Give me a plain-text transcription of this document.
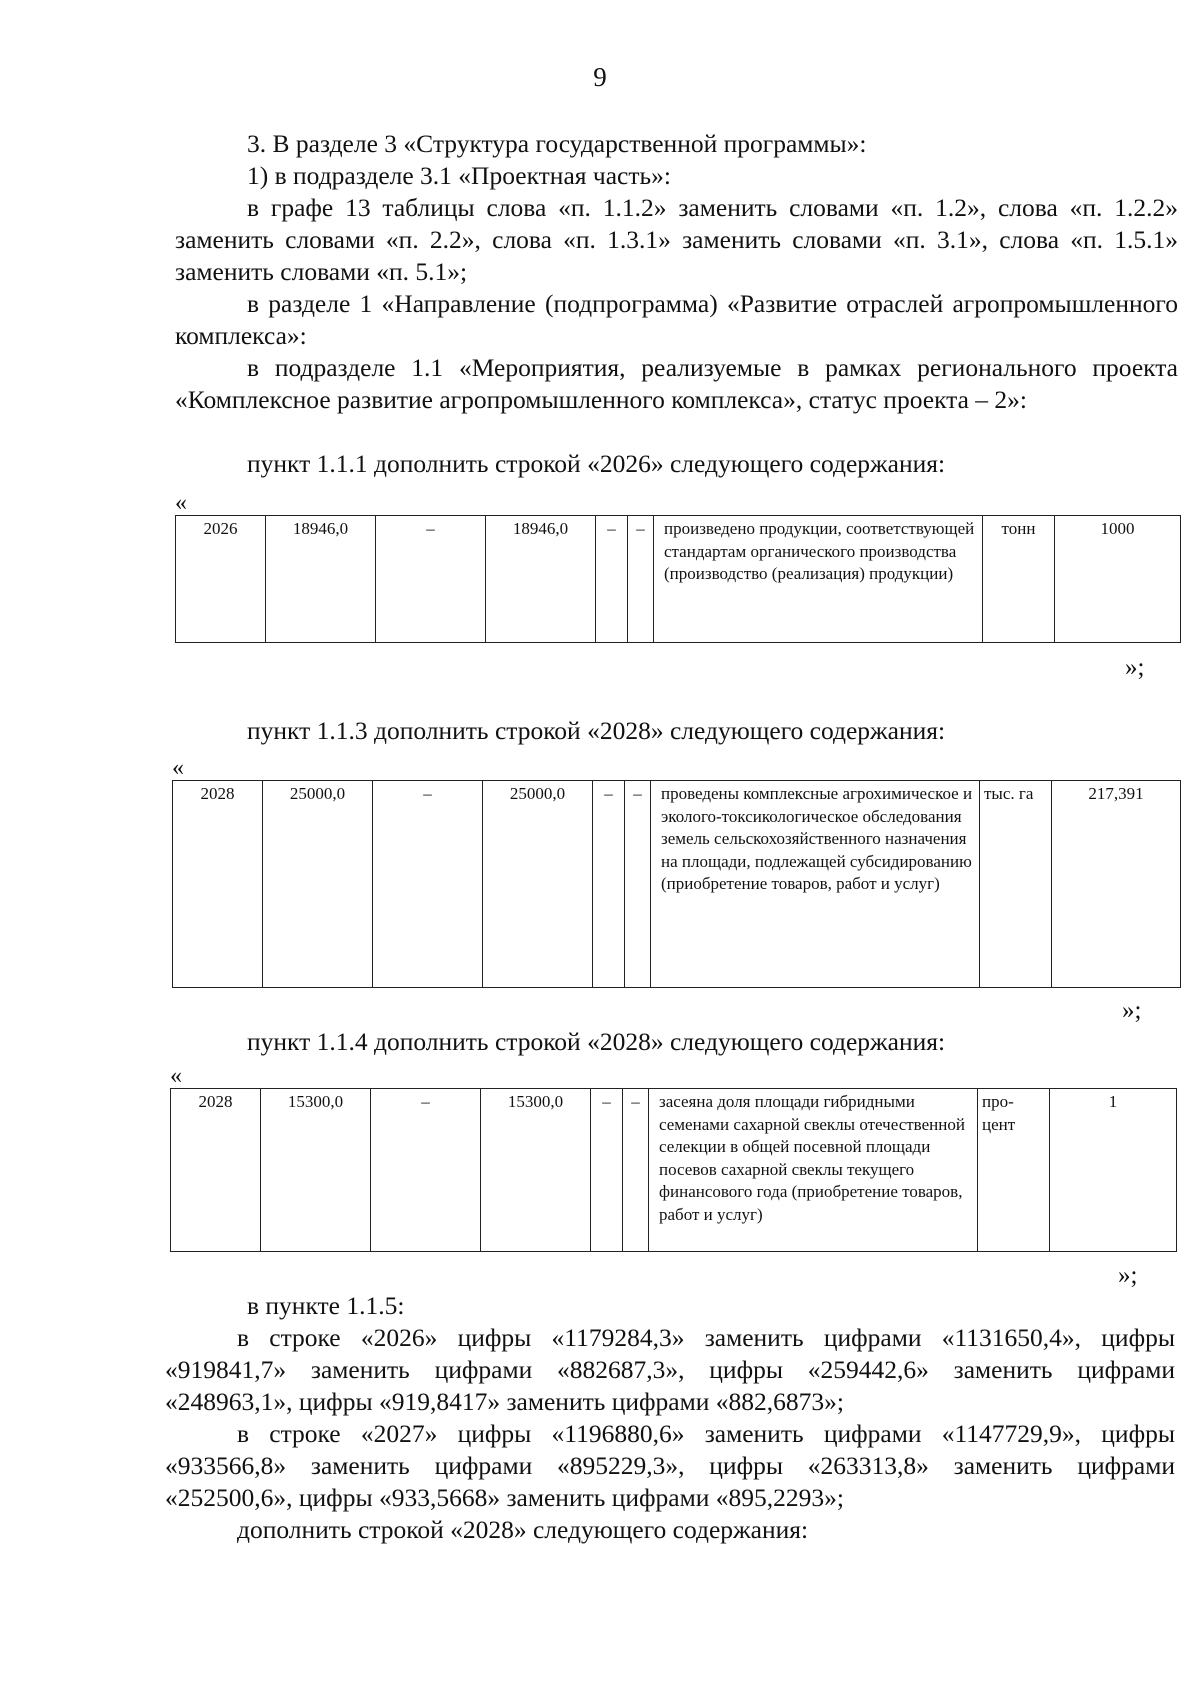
9
3. В разделе 3 «Структура государственной программы»:
1) в подразделе 3.1 «Проектная часть»:
в графе 13 таблицы слова «п. 1.1.2» заменить словами «п. 1.2», слова «п. 1.2.2» заменить словами «п. 2.2», слова «п. 1.3.1» заменить словами «п. 3.1», слова «п. 1.5.1» заменить словами «п. 5.1»;
в разделе 1 «Направление (подпрограмма) «Развитие отраслей агропромышленного комплекса»:
в подразделе 1.1 «Мероприятия, реализуемые в рамках регионального проекта «Комплексное развитие агропромышленного комплекса», статус проекта – 2»:
пункт 1.1.1 дополнить строкой «2026» следующего содержания:
«
2026	18946,0	–	18946,0	–	–	произведено продукции, соответствующей стандартам органического производства (производство (реализация) продукции)	тонн	1000
»;
пункт 1.1.3 дополнить строкой «2028» следующего содержания:
«
2028	25000,0	–	25000,0	–	–	проведены комплексные агрохимическое и эколого-токсикологическое обследования земель сельскохозяйственного назначения на площади, подлежащей субсидированию (приобретение товаров, работ и услуг)	тыс. га	217,391
»;
пункт 1.1.4 дополнить строкой «2028» следующего содержания:
«
2028	15300,0	–	15300,0	–	–	засеяна доля площади гибридными семенами сахарной свеклы отечественной селекции в общей посевной площади посевов сахарной свеклы текущего финансового года (приобретение товаров, работ и услуг)	про-цент	1
»;
в пункте 1.1.5:
в строке «2026» цифры «1179284,3» заменить цифрами «1131650,4», цифры «919841,7» заменить цифрами «882687,3», цифры «259442,6» заменить цифрами «248963,1», цифры «919,8417» заменить цифрами «882,6873»;
в строке «2027» цифры «1196880,6» заменить цифрами «1147729,9», цифры «933566,8» заменить цифрами «895229,3», цифры «263313,8» заменить цифрами «252500,6», цифры «933,5668» заменить цифрами «895,2293»;
дополнить строкой «2028» следующего содержания:
